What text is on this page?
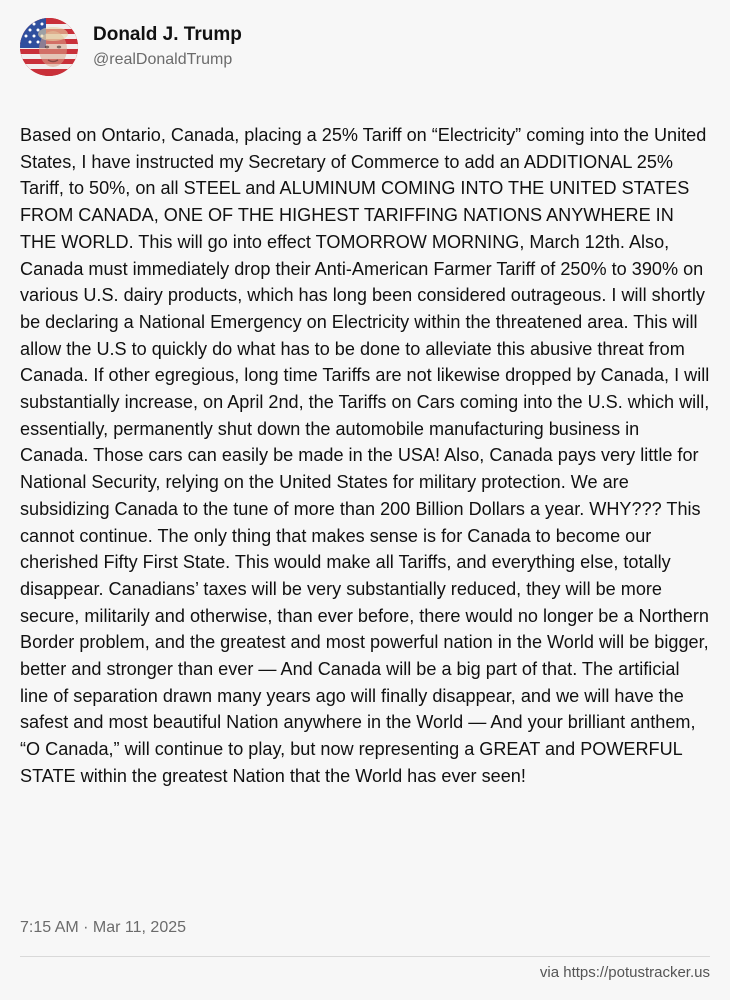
Donald J. Trump
@realDonaldTrump
Based on Ontario, Canada, placing a 25% Tariff on “Electricity” coming into the United States, I have instructed my Secretary of Commerce to add an ADDITIONAL 25% Tariff, to 50%, on all STEEL and ALUMINUM COMING INTO THE UNITED STATES FROM CANADA, ONE OF THE HIGHEST TARIFFING NATIONS ANYWHERE IN THE WORLD. This will go into effect TOMORROW MORNING, March 12th. Also, Canada must immediately drop their Anti-American Farmer Tariff of 250% to 390% on various U.S. dairy products, which has long been considered outrageous. I will shortly be declaring a National Emergency on Electricity within the threatened area. This will allow the U.S to quickly do what has to be done to alleviate this abusive threat from Canada. If other egregious, long time Tariffs are not likewise dropped by Canada, I will substantially increase, on April 2nd, the Tariffs on Cars coming into the U.S. which will, essentially, permanently shut down the automobile manufacturing business in Canada. Those cars can easily be made in the USA! Also, Canada pays very little for National Security, relying on the United States for military protection. We are subsidizing Canada to the tune of more than 200 Billion Dollars a year. WHY??? This cannot continue. The only thing that makes sense is for Canada to become our cherished Fifty First State. This would make all Tariffs, and everything else, totally disappear. Canadians’ taxes will be very substantially reduced, they will be more secure, militarily and otherwise, than ever before, there would no longer be a Northern Border problem, and the greatest and most powerful nation in the World will be bigger, better and stronger than ever — And Canada will be a big part of that. The artificial line of separation drawn many years ago will finally disappear, and we will have the safest and most beautiful Nation anywhere in the World — And your brilliant anthem, “O Canada,” will continue to play, but now representing a GREAT and POWERFUL STATE within the greatest Nation that the World has ever seen!
7:15 AM · Mar 11, 2025
via https://potustracker.us
